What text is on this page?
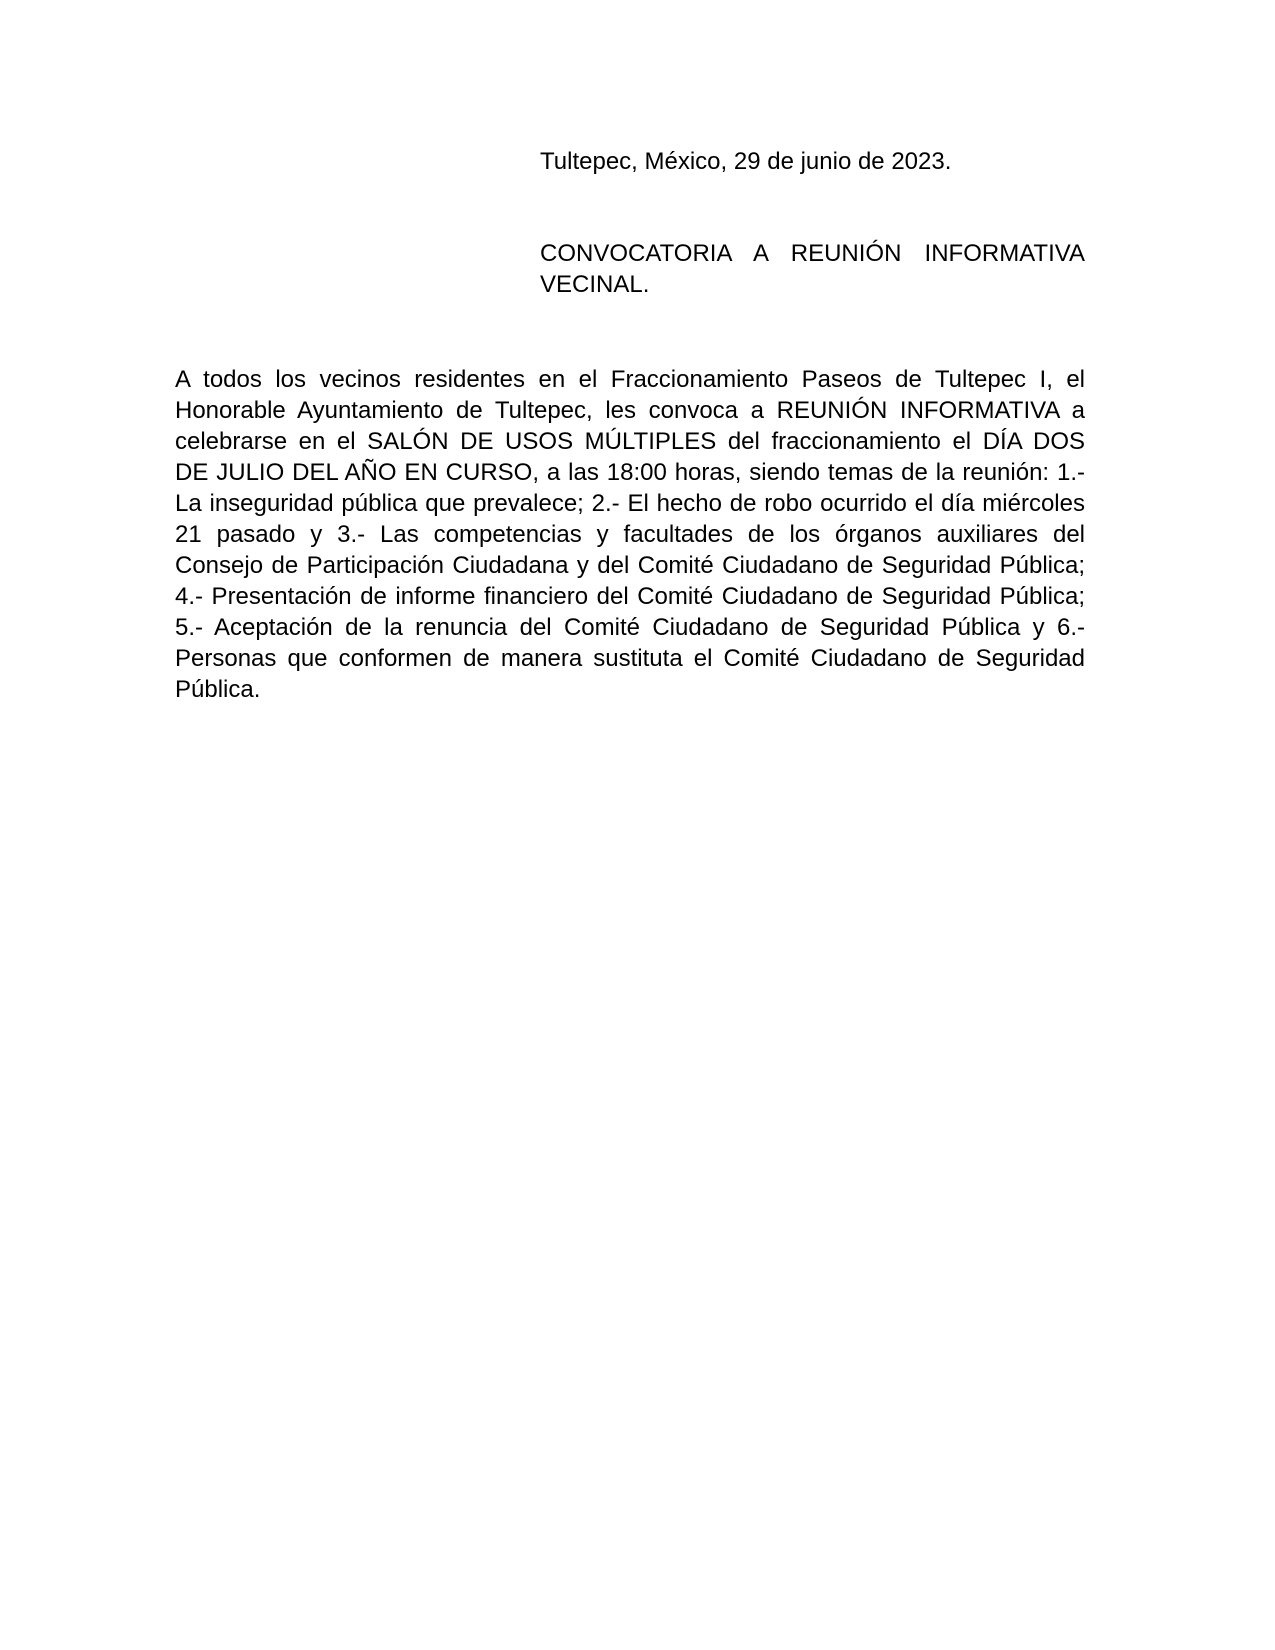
Tultepec, México, 29 de junio de 2023.
CONVOCATORIA A REUNIÓN INFORMATIVA
VECINAL.
A todos los vecinos residentes en el Fraccionamiento Paseos de Tultepec I, el
Honorable Ayuntamiento de Tultepec, les convoca a REUNIÓN INFORMATIVA a
celebrarse en el SALÓN DE USOS MÚLTIPLES del fraccionamiento el DÍA DOS
DE JULIO DEL AÑO EN CURSO, a las 18:00 horas, siendo temas de la reunión: 1.-
La inseguridad pública que prevalece; 2.- El hecho de robo ocurrido el día miércoles
21 pasado y 3.- Las competencias y facultades de los órganos auxiliares del
Consejo de Participación Ciudadana y del Comité Ciudadano de Seguridad Pública;
4.- Presentación de informe financiero del Comité Ciudadano de Seguridad Pública;
5.- Aceptación de la renuncia del Comité Ciudadano de Seguridad Pública y 6.-
Personas que conformen de manera sustituta el Comité Ciudadano de Seguridad
Pública.
